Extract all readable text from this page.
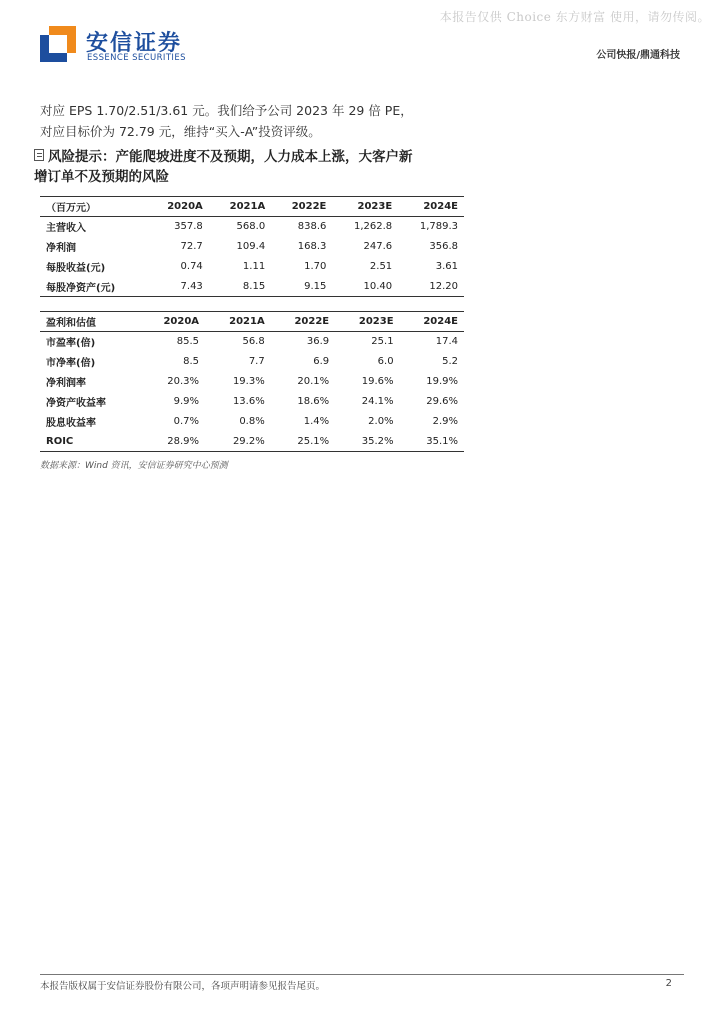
本报告仅供 Choice 东方财富 使用，请勿传阅。
安信证券
ESSENCE SECURITIES	公司快报/鼎通科技
对应 EPS 1.70/2.51/3.61 元。我们给予公司 2023 年 29 倍 PE，
对应目标价为 72.79 元，维持“买入-A”投资评级。
风险提示：产能爬坡进度不及预期，人力成本上涨，大客户新
增订单不及预期的风险
（百万元）	2020A	2021A	2022E	2023E	2024E
主营收入	357.8	568.0	838.6	1,262.8	1,789.3
净利润	72.7	109.4	168.3	247.6	356.8
每股收益(元)	0.74	1.11	1.70	2.51	3.61
每股净资产(元)	7.43	8.15	9.15	10.40	12.20
盈利和估值	2020A	2021A	2022E	2023E	2024E
市盈率(倍)	85.5	56.8	36.9	25.1	17.4
市净率(倍)	8.5	7.7	6.9	6.0	5.2
净利润率	20.3%	19.3%	20.1%	19.6%	19.9%
净资产收益率	9.9%	13.6%	18.6%	24.1%	29.6%
股息收益率	0.7%	0.8%	1.4%	2.0%	2.9%
ROIC	28.9%	29.2%	25.1%	35.2%	35.1%
数据来源：Wind 资讯，安信证券研究中心预测
本报告版权属于安信证券股份有限公司，各项声明请参见报告尾页。	2
